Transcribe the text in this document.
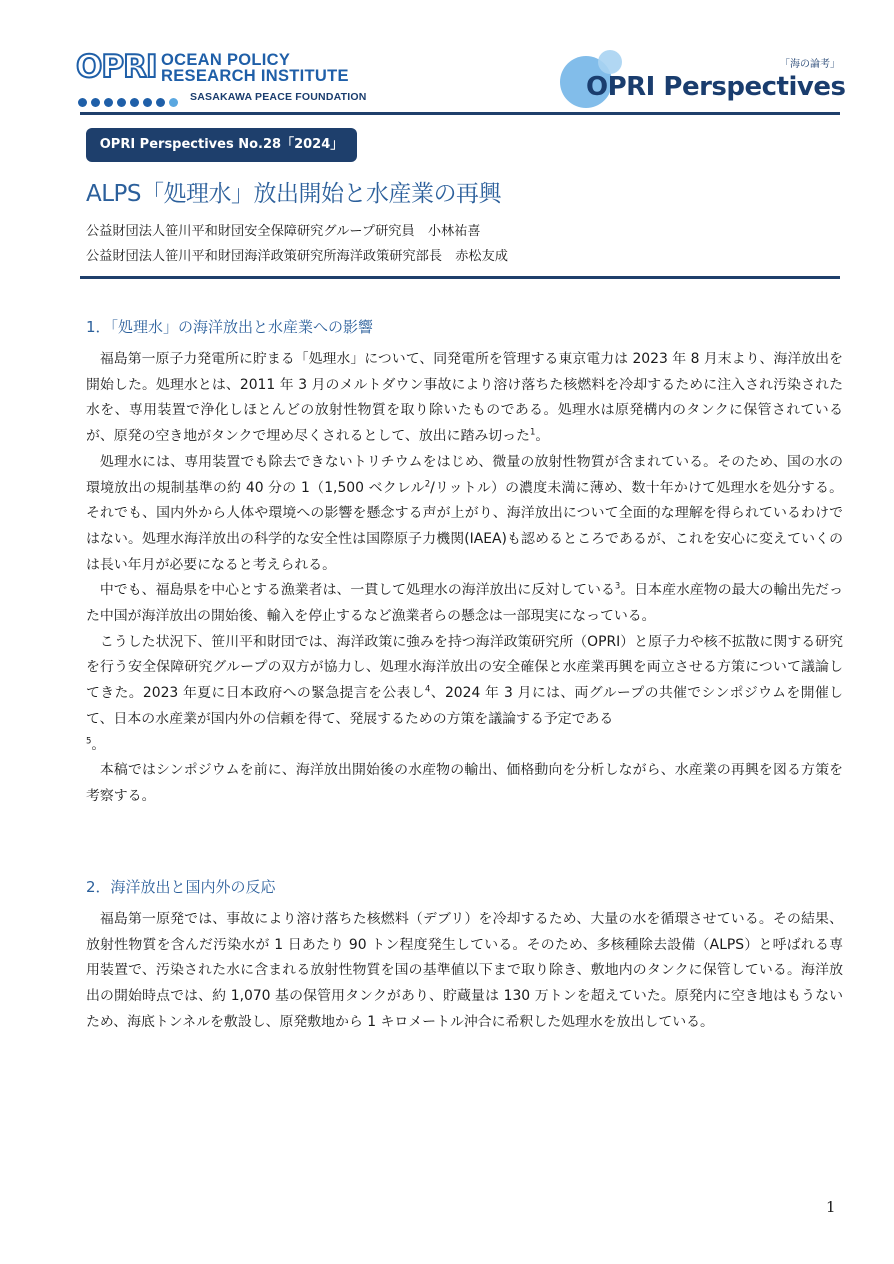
OPRI OCEAN POLICY
RESEARCH INSTITUTE
SASAKAWA PEACE FOUNDATION
「海の論考」
OPRI Perspectives
OPRI Perspectives No.28「2024」
ALPS「処理水」放出開始と水産業の再興
公益財団法人笹川平和財団安全保障研究グループ研究員　小林祐喜
公益財団法人笹川平和財団海洋政策研究所海洋政策研究部長　赤松友成
1．「処理水」の海洋放出と水産業への影響

福島第一原子力発電所に貯まる「処理水」について、同発電所を管理する東京電力は 2023 年 8 月末より、海洋放出を開始した。処理水とは、2011 年 3 月のメルトダウン事故により溶け落ちた核燃料を冷却するために注入され汚染された水を、専用装置で浄化しほとんどの放射性物質を取り除いたものである。処理水は原発構内のタンクに保管されているが、原発の空き地がタンクで埋め尽くされるとして、放出に踏み切った$^1$。

処理水には、専用装置でも除去できないトリチウムをはじめ、微量の放射性物質が含まれている。そのため、国の水の環境放出の規制基準の約 40 分の 1（1,500 ベクレル$^2$/リットル）の濃度未満に薄め、数十年かけて処理水を処分する。それでも、国内外から人体や環境への影響を懸念する声が上がり、海洋放出について全面的な理解を得られているわけではない。処理水海洋放出の科学的な安全性は国際原子力機関(IAEA)も認めるところであるが、これを安心に変えていくのは長い年月が必要になると考えられる。

中でも、福島県を中心とする漁業者は、一貫して処理水の海洋放出に反対している$^3$。日本産水産物の最大の輸出先だった中国が海洋放出の開始後、輸入を停止するなど漁業者らの懸念は一部現実になっている。

こうした状況下、笹川平和財団では、海洋政策に強みを持つ海洋政策研究所（OPRI）と原子力や核不拡散に関する研究を行う安全保障研究グループの双方が協力し、処理水海洋放出の安全確保と水産業再興を両立させる方策について議論してきた。2023 年夏に日本政府への緊急提言を公表し$^4$、2024 年 3 月には、両グループの共催でシンポジウムを開催して、日本の水産業が国内外の信頼を得て、発展するための方策を議論する予定である

$^5$。

本稿ではシンポジウムを前に、海洋放出開始後の水産物の輸出、価格動向を分析しながら、水産業の再興を図る方策を考察する。

2．海洋放出と国内外の反応

福島第一原発では、事故により溶け落ちた核燃料（デブリ）を冷却するため、大量の水を循環させている。その結果、放射性物質を含んだ汚染水が 1 日あたり 90 トン程度発生している。そのため、多核種除去設備（ALPS）と呼ばれる専用装置で、汚染された水に含まれる放射性物質を国の基準値以下まで取り除き、敷地内のタンクに保管している。海洋放出の開始時点では、約 1,070 基の保管用タンクがあり、貯蔵量は 130 万トンを超えていた。原発内に空き地はもうないため、海底トンネルを敷設し、原発敷地から 1 キロメートル沖合に希釈した処理水を放出している。

1
